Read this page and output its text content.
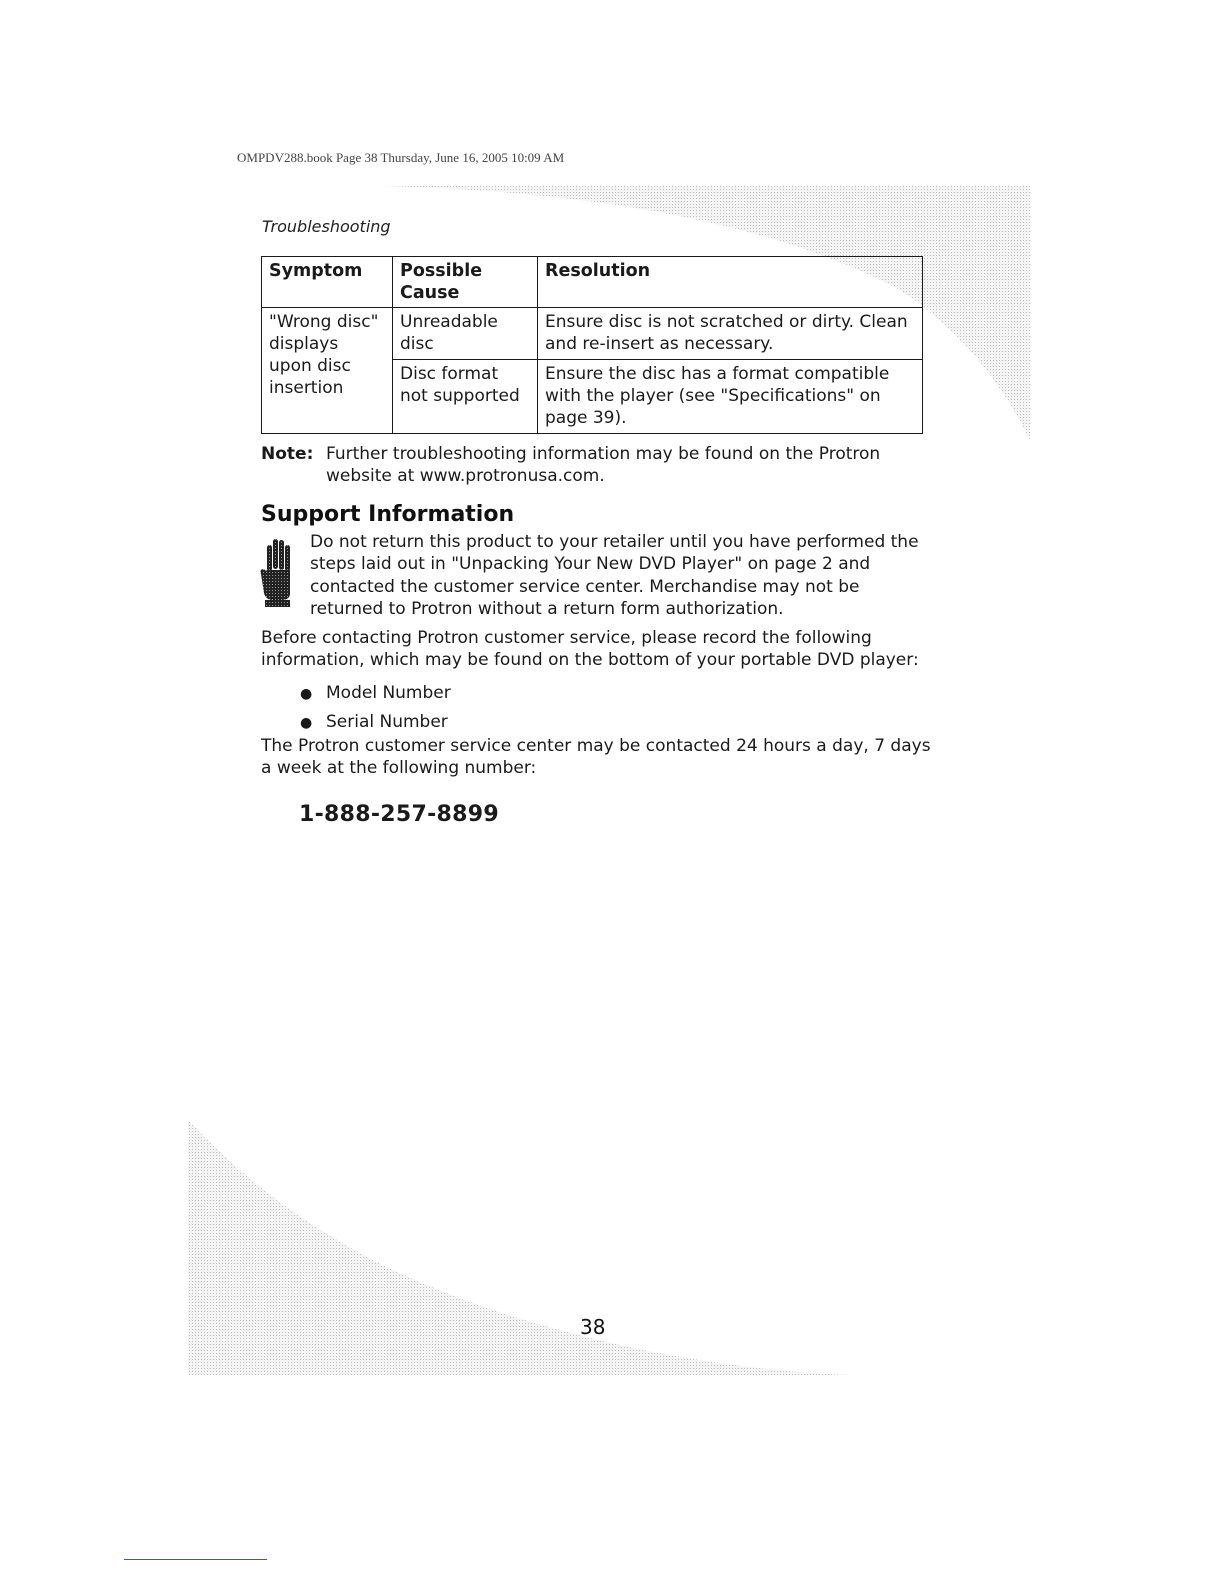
OMPDV288.book Page 38 Thursday, June 16, 2005 10:09 AM
Troubleshooting
Symptom	Possible Cause	Resolution
"Wrong disc" displays upon disc insertion	Unreadable disc	Ensure disc is not scratched or dirty. Clean and re-insert as necessary.
	Disc format not supported	Ensure the disc has a format compatible with the player (see "Specifications" on page 39).
Note: Further troubleshooting information may be found on the Protron website at www.protronusa.com.
Support Information
Do not return this product to your retailer until you have performed the steps laid out in "Unpacking Your New DVD Player" on page 2 and contacted the customer service center. Merchandise may not be returned to Protron without a return form authorization.
Before contacting Protron customer service, please record the following information, which may be found on the bottom of your portable DVD player:
● Model Number
● Serial Number
The Protron customer service center may be contacted 24 hours a day, 7 days a week at the following number:
1-888-257-8899
38
